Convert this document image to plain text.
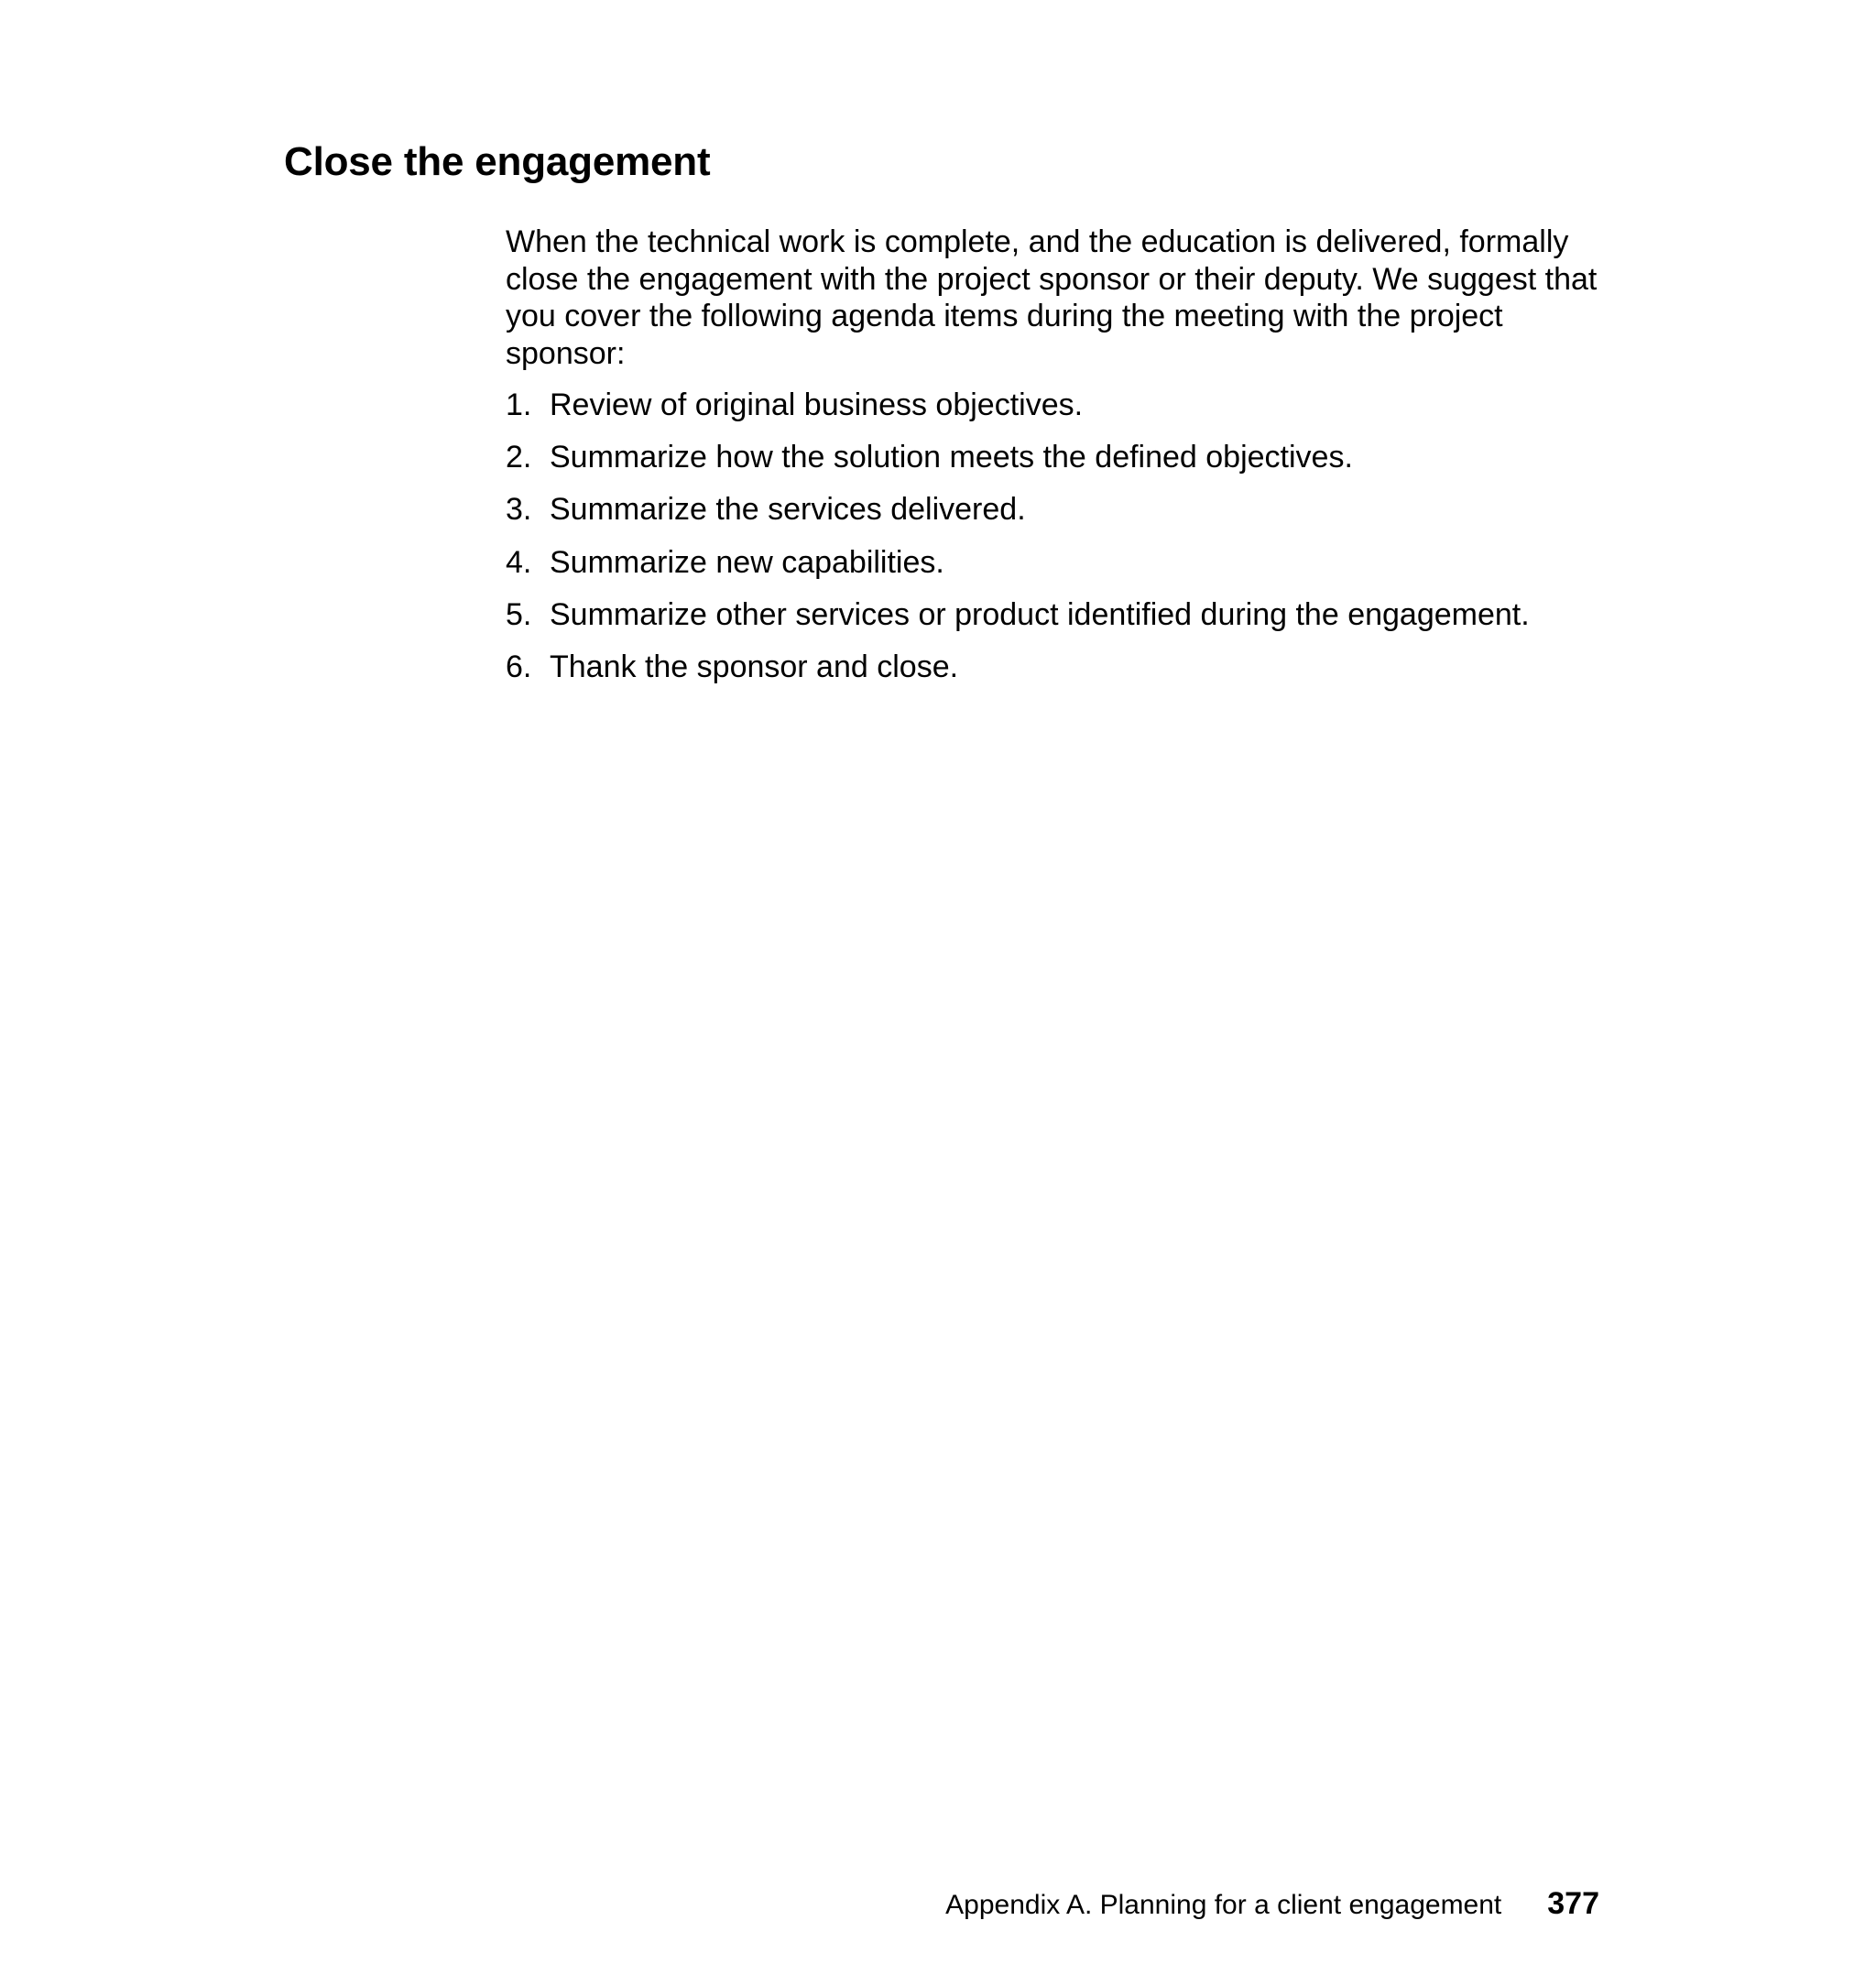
Close the engagement

When the technical work is complete, and the education is delivered, formally close the engagement with the project sponsor or their deputy. We suggest that you cover the following agenda items during the meeting with the project sponsor:

1. Review of original business objectives.
2. Summarize how the solution meets the defined objectives.
3. Summarize the services delivered.
4. Summarize new capabilities.
5. Summarize other services or product identified during the engagement.
6. Thank the sponsor and close.
Appendix A. Planning for a client engagement 377
